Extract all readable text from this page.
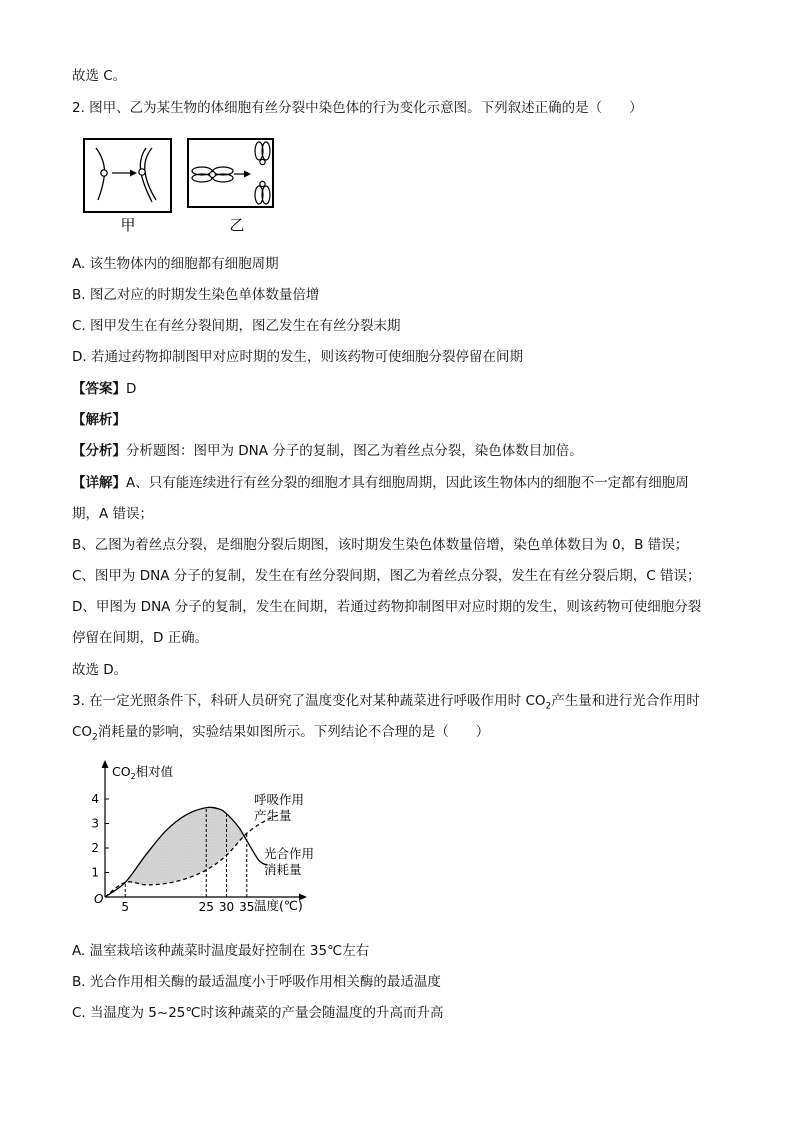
故选 C。
2. 图甲、乙为某生物的体细胞有丝分裂中染色体的行为变化示意图。下列叙述正确的是（　　）
甲	乙
A. 该生物体内的细胞都有细胞周期
B. 图乙对应的时期发生染色单体数量倍增
C. 图甲发生在有丝分裂间期，图乙发生在有丝分裂末期
D. 若通过药物抑制图甲对应时期的发生，则该药物可使细胞分裂停留在间期
【答案】D
【解析】
【分析】分析题图：图甲为 DNA 分子的复制，图乙为着丝点分裂，染色体数目加倍。
【详解】A、只有能连续进行有丝分裂的细胞才具有细胞周期，因此该生物体内的细胞不一定都有细胞周
期，A 错误；
B、乙图为着丝点分裂，是细胞分裂后期图，该时期发生染色体数量倍增，染色单体数目为 0，B 错误；
C、图甲为 DNA 分子的复制，发生在有丝分裂间期，图乙为着丝点分裂，发生在有丝分裂后期，C 错误；
D、甲图为 DNA 分子的复制，发生在间期，若通过药物抑制图甲对应时期的发生，则该药物可使细胞分裂
停留在间期，D 正确。
故选 D。
3. 在一定光照条件下，科研人员研究了温度变化对某种蔬菜进行呼吸作用时 $CO_2$产生量和进行光合作用时
$CO_2$消耗量的影响，实验结果如图所示。下列结论不合理的是（　　）
1
2
3
4
5	25 30 35
$CO_2$相对值
O	温度(℃)
呼吸作用
产生量
光合作用
消耗量
A. 温室栽培该种蔬菜时温度最好控制在 35℃左右
B. 光合作用相关酶的最适温度小于呼吸作用相关酶的最适温度
C. 当温度为 5~25℃时该种蔬菜的产量会随温度的升高而升高
